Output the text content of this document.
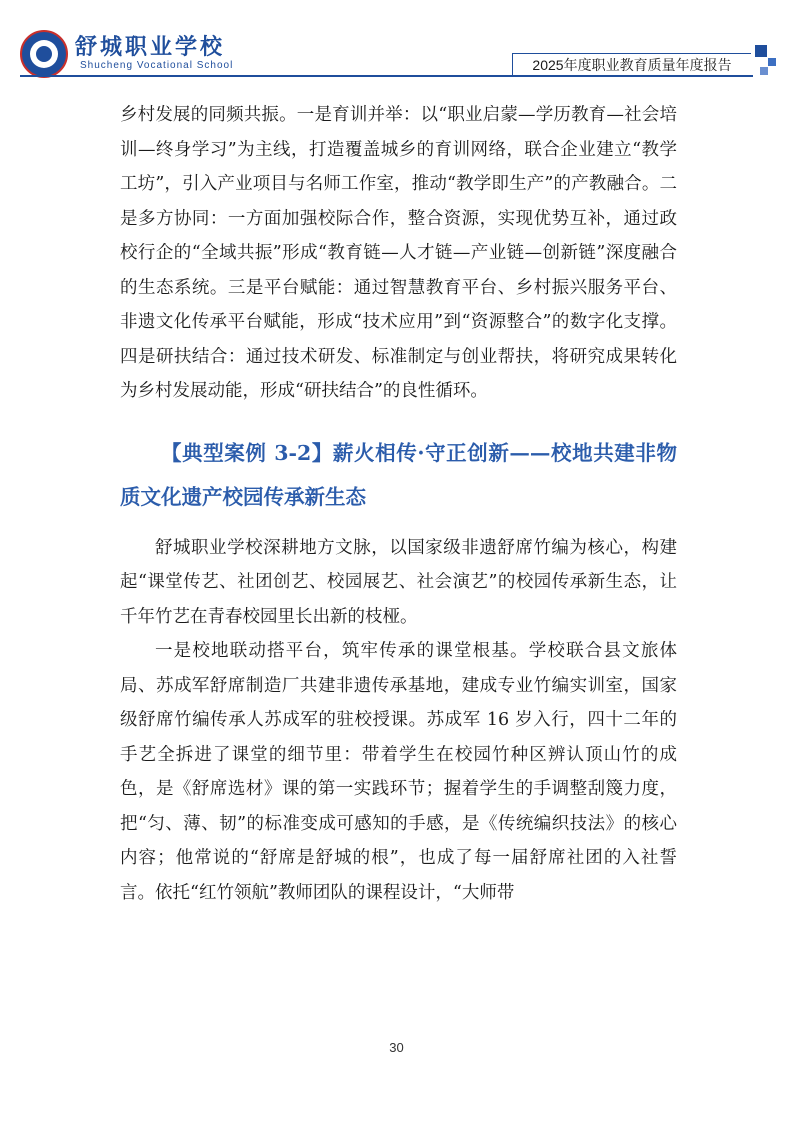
舒城职业学校
Shucheng Vocational School	2025年度职业教育质量年度报告

乡村发展的同频共振。一是育训并举：以“职业启蒙—学历教育—社会培训—终身学习”为主线，打造覆盖城乡的育训网络，联合企业建立“教学工坊”，引入产业项目与名师工作室，推动“教学即生产”的产教融合。二是多方协同：一方面加强校际合作，整合资源，实现优势互补，通过政校行企的“全域共振”形成“教育链—人才链—产业链—创新链”深度融合的生态系统。三是平台赋能：通过智慧教育平台、乡村振兴服务平台、非遗文化传承平台赋能，形成“技术应用”到“资源整合”的数字化支撑。四是研扶结合：通过技术研发、标准制定与创业帮扶，将研究成果转化为乡村发展动能，形成“研扶结合”的良性循环。

【典型案例 3-2】薪火相传·守正创新——校地共建非物质文化遗产校园传承新生态

舒城职业学校深耕地方文脉，以国家级非遗舒席竹编为核心，构建起“课堂传艺、社团创艺、校园展艺、社会演艺”的校园传承新生态，让千年竹艺在青春校园里长出新的枝桠。

一是校地联动搭平台，筑牢传承的课堂根基。学校联合县文旅体局、苏成军舒席制造厂共建非遗传承基地，建成专业竹编实训室，国家级舒席竹编传承人苏成军的驻校授课。苏成军 16 岁入行，四十二年的手艺全拆进了课堂的细节里：带着学生在校园竹种区辨认顶山竹的成色，是《舒席选材》课的第一实践环节；握着学生的手调整刮篾力度，把“匀、薄、韧”的标准变成可感知的手感，是《传统编织技法》的核心内容；他常说的“舒席是舒城的根”，也成了每一届舒席社团的入社誓言。依托“红竹领航”教师团队的课程设计，“大师带

30
